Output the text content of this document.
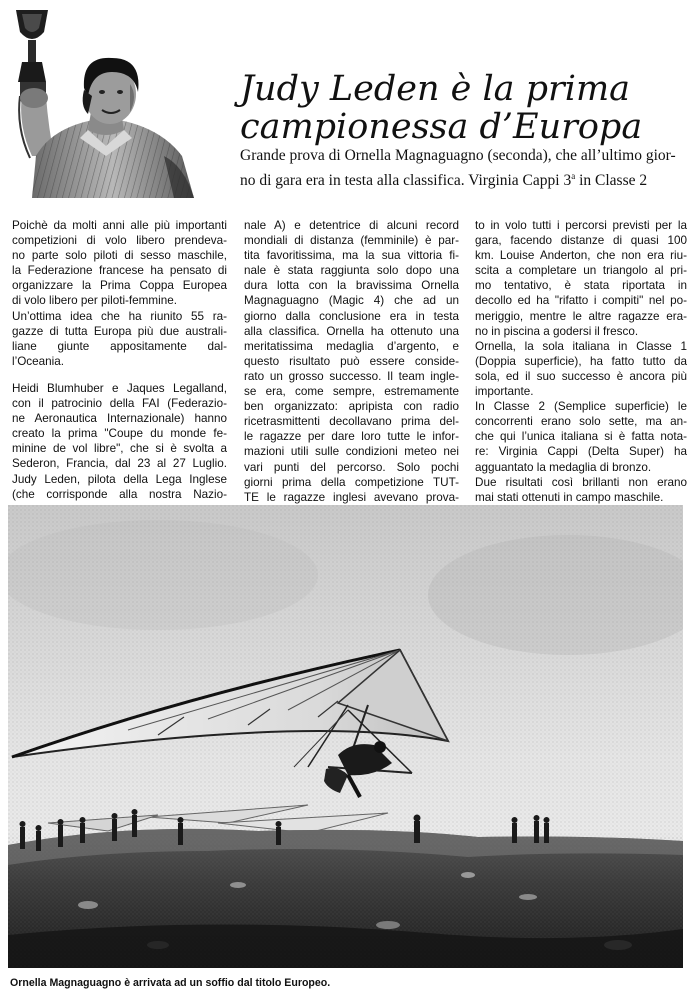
Judy Leden è la prima
campionessa d’Europa

Grande prova di Ornella Magnaguagno (seconda), che all’ultimo gior-
no di gara era in testa alla classifica. Virginia Cappi 3$^a$ in Classe 2

Poichè da molti anni alle più importanti
competizioni di volo libero prendeva-
no parte solo piloti di sesso maschile,
la Federazione francese ha pensato di
organizzare la Prima Coppa Europea
di volo libero per piloti-femmine.
Un’ottima idea che ha riunito 55 ra-
gazze di tutta Europa più due australi-
liane giunte appositamente dal-
l’Oceania.

Heidi Blumhuber e Jaques Legalland,
con il patrocinio della FAI (Federazio-
ne Aeronautica Internazionale) hanno
creato la prima "Coupe du monde fe-
minine de vol libre", che si è svolta a
Sederon, Francia, dal 23 al 27 Luglio.
Judy Leden, pilota della Lega Inglese
(che corrisponde alla nostra Nazio-

nale A) e detentrice di alcuni record
mondiali di distanza (femminile) è par-
tita favoritissima, ma la sua vittoria fi-
nale è stata raggiunta solo dopo una
dura lotta con la bravissima Ornella
Magnaguagno (Magic 4) che ad un
giorno dalla conclusione era in testa
alla classifica. Ornella ha ottenuto una
meritatissima medaglia d’argento, e
questo risultato può essere conside-
rato un grosso successo. Il team ingle-
se era, come sempre, estremamente
ben organizzato: apripista con radio
ricetrasmittenti decollavano prima del-
le ragazze per dare loro tutte le infor-
mazioni utili sulle condizioni meteo nei
vari punti del percorso. Solo pochi
giorni prima della competizione TUT-
TE le ragazze inglesi avevano prova-

to in volo tutti i percorsi previsti per la
gara, facendo distanze di quasi 100
km. Louise Anderton, che non era riu-
scita a completare un triangolo al pri-
mo tentativo, è stata riportata in
decollo ed ha "rifatto i compiti" nel po-
meriggio, mentre le altre ragazze era-
no in piscina a godersi il fresco.
Ornella, la sola italiana in Classe 1
(Doppia superficie), ha fatto tutto da
sola, ed il suo successo è ancora più
importante.
In Classe 2 (Semplice superficie) le
concorrenti erano solo sette, ma an-
che qui l’unica italiana si è fatta nota-
re: Virginia Cappi (Delta Super) ha
agguantato la medaglia di bronzo.
Due risultati così brillanti non erano
mai stati ottenuti in campo maschile.

Ornella Magnaguagno è arrivata ad un soffio dal titolo Europeo.
